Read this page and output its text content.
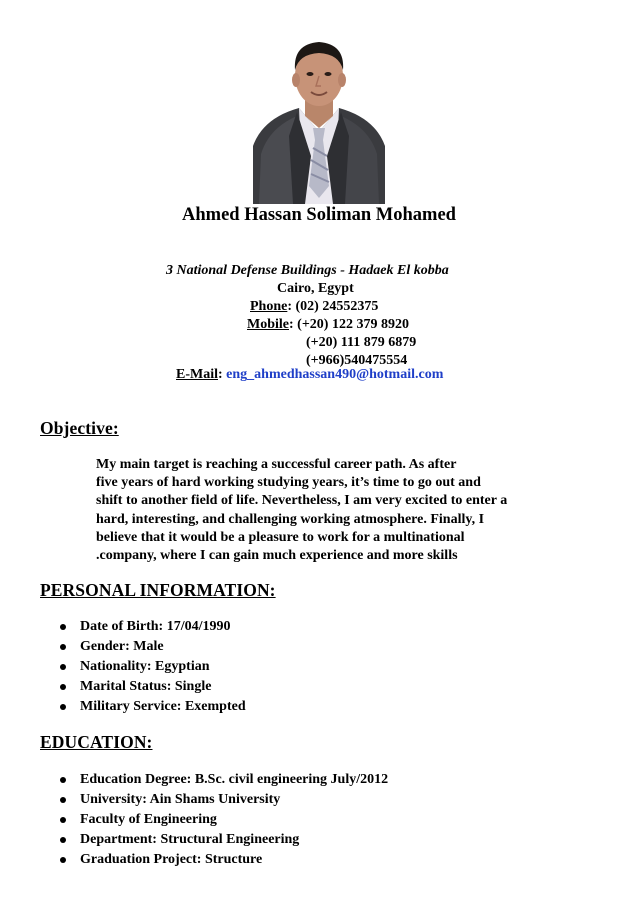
Ahmed Hassan Soliman Mohamed
3 National Defense Buildings - Hadaek El kobba
Cairo, Egypt
Phone: (02) 24552375
Mobile: (+20) 122 379 8920
(+20) 111 879 6879
(+966)540475554
E-Mail: eng_ahmedhassan490@hotmail.com
Objective:
My main target is reaching a successful career path. As after
five years of hard working studying years, it’s time to go out and
shift to another field of life. Nevertheless, I am very excited to enter a
hard, interesting, and challenging working atmosphere. Finally, I
believe that it would be a pleasure to work for a multinational
.company, where I can gain much experience and more skills
PERSONAL INFORMATION:
Date of Birth: 17/04/1990
Gender: Male
Nationality: Egyptian
Marital Status: Single
Military Service: Exempted
EDUCATION:
Education Degree: B.Sc. civil engineering July/2012
University: Ain Shams University
Faculty of Engineering
Department: Structural Engineering
Graduation Project: Structure
